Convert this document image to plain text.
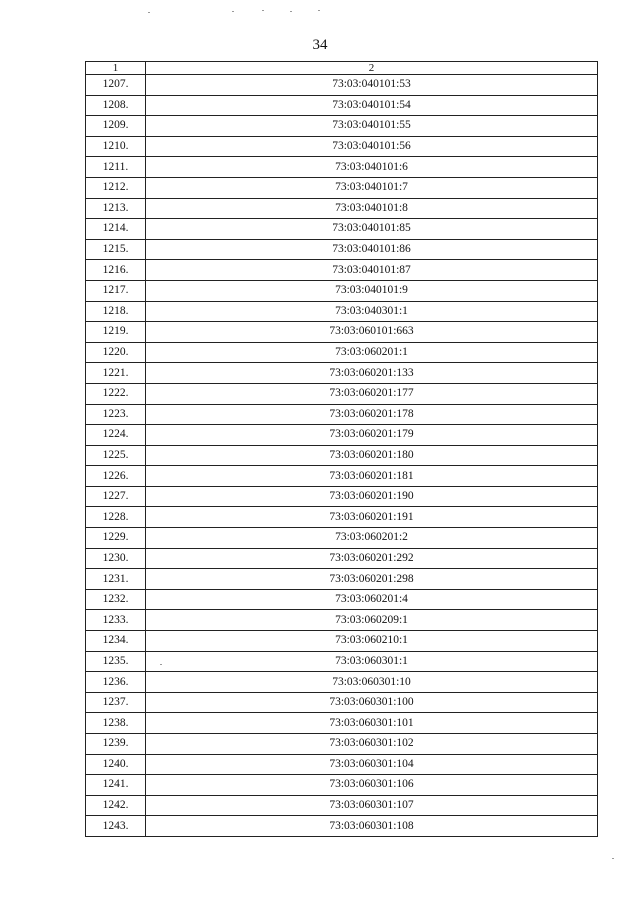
34
1	2
1207.	73:03:040101:53
1208.	73:03:040101:54
1209.	73:03:040101:55
1210.	73:03:040101:56
1211.	73:03:040101:6
1212.	73:03:040101:7
1213.	73:03:040101:8
1214.	73:03:040101:85
1215.	73:03:040101:86
1216.	73:03:040101:87
1217.	73:03:040101:9
1218.	73:03:040301:1
1219.	73:03:060101:663
1220.	73:03:060201:1
1221.	73:03:060201:133
1222.	73:03:060201:177
1223.	73:03:060201:178
1224.	73:03:060201:179
1225.	73:03:060201:180
1226.	73:03:060201:181
1227.	73:03:060201:190
1228.	73:03:060201:191
1229.	73:03:060201:2
1230.	73:03:060201:292
1231.	73:03:060201:298
1232.	73:03:060201:4
1233.	73:03:060209:1
1234.	73:03:060210:1
1235.	73:03:060301:1
1236.	73:03:060301:10
1237.	73:03:060301:100
1238.	73:03:060301:101
1239.	73:03:060301:102
1240.	73:03:060301:104
1241.	73:03:060301:106
1242.	73:03:060301:107
1243.	73:03:060301:108
